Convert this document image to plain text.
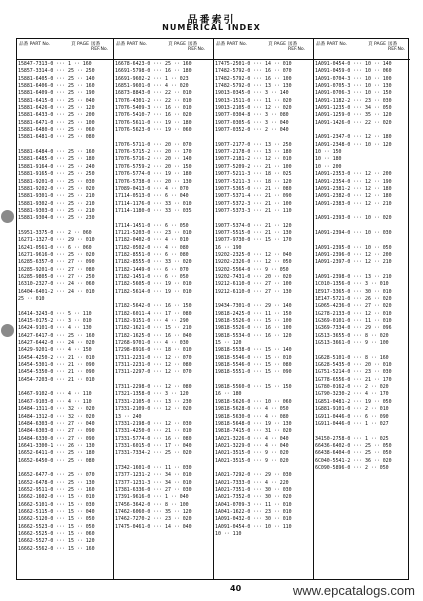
品番索引
NUMERICAL INDEX
品番 PART No.	頁 PAGE 図番 REF.No.
15847-7313-0 ··· 1 ·· 160
15857-3314-0 ··· 25 ·· 250
15881-6405-0 ··· 25 ·· 140
15881-6406-0 ··· 25 ·· 160
15881-6409-0 ··· 25 ·· 190
15881-6415-0 ··· 25 ·· 040
15881-6426-0 ··· 25 ·· 120
15881-6433-0 ··· 25 ·· 200
15881-6471-0 ··· 25 ·· 100
15881-6480-0 ··· 25 ·· 060
15881-6481-0 ··· 25 ·· 080
15881-6484-0 ··· 25 ·· 160
15881-6485-0 ··· 25 ·· 180
15881-9164-0 ··· 25 ·· 240
15881-9165-0 ··· 25 ·· 250
15881-9201-0 ··· 25 ·· 030
15881-9202-0 ··· 25 ·· 020
15881-9301-0 ··· 25 ·· 210
15881-9302-0 ··· 25 ·· 210
15881-9303-0 ··· 25 ·· 210
15881-9304-0 ··· 25 ·· 230
15951-3375-0 ··· 2 ·· 060
16271-1327-0 ··· 29 ·· 010
16241-0561-0 ··· 6 ·· 060
16271-9616-0 ··· 25 ·· 020
16285-6357-0 ··· 27 ·· 090
16285-9201-0 ··· 27 ·· 080
16285-9805-0 ··· 27 ·· 250
16310-2327-0 ··· 24 ·· 060
16404-6401-2 ··· 24 ·· 010
25 ·· 010
16414-3243-0 ··· 5 ·· 110
16415-0175-2 ··· 3 ·· 010
16424-9101-0 ··· 4 ·· 130
16427-6417-0 ··· 25 ·· 160
16427-6442-0 ··· 24 ·· 020
16429-9201-0 ··· 4 ·· 150
16454-4250-2 ··· 21 ·· 010
16454-5301-0 ··· 21 ·· 090
16454-5350-0 ··· 21 ·· 090
16454-7203-0 ··· 21 ·· 010
16467-9102-0 ··· 4 ·· 110
16467-9103-0 ··· 4 ·· 110
16484-1311-0 ··· 32 ·· 020
16484-1312-0 ··· 32 ·· 020
16484-6303-0 ··· 27 ·· 040
16484-6303-0 ··· 27 ·· 090
16484-6330-0 ··· 27 ·· 090
16641-3300-1 ··· 26 ·· 130
16652-6411-0 ··· 25 ·· 180
16652-6450-0 ··· 25 ·· 080
16652-6477-0 ··· 25 ·· 070
16652-6478-0 ··· 25 ·· 130
16652-9511-0 ··· 25 ·· 160
16662-1602-0 ··· 15 ·· 010
16662-5101-0 ··· 15 ·· 030
16662-5115-0 ··· 15 ·· 040
16662-5120-0 ··· 15 ·· 050
16662-5523-0 ··· 15 ·· 050
16662-5525-0 ··· 15 ·· 060
16662-5527-0 ··· 15 ·· 120
16662-5562-0 ··· 15 ·· 160
品番 PART No.	頁 PAGE 図番 REF.No.
16678-6423-0 ··· 25 ·· 160
16691-5798-0 ··· 16 ·· 180
16691-9602-2 ··· 1 ·· 023
16851-9601-0 ··· 4 ·· 020
16873-8843-0 ··· 22 ·· 010
17076-4301-2 ··· 22 ·· 010
17076-5409-3 ··· 16 ·· 010
17076-5410-7 ··· 16 ·· 020
17076-5611-0 ··· 19 ·· 180
17076-5623-0 ··· 19 ·· 060
17076-5711-0 ··· 20 ·· 070
17076-5715-2 ··· 20 ·· 170
17076-5716-2 ··· 20 ·· 140
17076-5759-2 ··· 20 ·· 150
17076-5774-0 ··· 19 ·· 180
17076-5738-0 ··· 20 ·· 130
17089-0413-0 ··· 4 ·· 070
17114-0513-0 ··· 6 ·· 040
17114-1176-0 ··· 33 ·· 010
17114-1180-0 ··· 33 ·· 035
17114-1451-0 ··· 6 ·· 050
17121-5203-0 ··· 23 ·· 010
17182-0402-0 ··· 4 ·· 010
17182-0502-0 ··· 4 ·· 080
17182-8551-0 ··· 6 ·· 080
17182-8555-0 ··· 33 ·· 020
17182-1449-0 ··· 6 ·· 070
17182-1451-0 ··· 6 ·· 050
17182-5605-0 ··· 19 ·· 010
17182-5614-0 ··· 19 ·· 010
17182-5642-0 ··· 16 ·· 150
17182-6011-4 ··· 17 ·· 080
17182-9151-0 ··· 4 ·· 290
17182-1621-0 ··· 15 ·· 210
17182-1625-0 ··· 16 ·· 040
17268-9701-0 ··· 4 ·· 030
17298-8916-0 ··· 18 ·· 010
17311-2231-0 ··· 12 ·· 070
17311-2231-0 ··· 12 ·· 080
17311-2297-0 ··· 12 ·· 070
17311-2298-0 ··· 12 ·· 080
17321-1358-0 ··· 3 ·· 120
17331-2105-0 ··· 13 ·· 230
17331-2109-0 ··· 12 ·· 020
13 ·· 240
17331-2198-0 ··· 12 ·· 030
17331-4250-0 ··· 21 ·· 010
17331-5774-0 ··· 16 ·· 080
17331-6015-0 ··· 17 ·· 040
17331-7334-2 ··· 25 ·· 020
17342-1601-0 ··· 11 ·· 030
17377-1231-2 ··· 34 ·· 010
17377-1231-3 ··· 34 ·· 010
17381-6336-0 ··· 27 ·· 030
17391-9616-0 ··· 1 ·· 040
17456-3642-0 ··· 8 ·· 100
17462-6060-0 ··· 35 ·· 120
17462-7270-2 ··· 23 ·· 020
17475-0461-0 ··· 14 ·· 040
品番 PART No.	頁 PAGE 図番 REF.No.
17475-2501-0 ··· 14 ·· 010
17482-5792-0 ··· 16 ·· 070
17482-5792-0 ··· 16 ·· 100
17482-5792-0 ··· 13 ·· 130
19013-0345-0 ··· 3 ·· 140
19013-1511-0 ··· 11 ·· 020
19013-2105-0 ··· 12 ·· 020
19077-0304-8 ··· 3 ·· 080
19077-0305-6 ··· 3 ·· 040
19077-0352-0 ··· 2 ·· 040
19077-2177-0 ··· 13 ·· 250
19077-2178-0 ··· 13 ·· 180
19077-2181-2 ··· 12 ·· 010
19077-5209-2 ··· 21 ·· 100
19077-5211-3 ··· 18 ·· 025
19077-5211-3 ··· 18 ·· 120
19077-5365-0 ··· 21 ·· 080
19077-5371-4 ··· 21 ·· 090
19077-5372-3 ··· 21 ·· 100
19077-5373-3 ··· 21 ·· 110
19077-5374-0 ··· 21 ·· 120
19077-5515-0 ··· 21 ·· 130
19077-9730-0 ··· 15 ·· 170
16 ·· 190
19202-2325-0 ··· 12 ·· 040
19202-2326-0 ··· 12 ·· 050
19202-5564-0 ··· 9 ·· 050
19202-7431-0 ··· 20 ·· 020
19212-6110-0 ··· 27 ·· 100
19212-6110-0 ··· 27 ·· 130
19434-7301-0 ··· 29 ·· 140
19818-2425-0 ··· 11 ·· 150
19818-5526-0 ··· 15 ·· 100
19818-5526-0 ··· 16 ·· 100
19818-5534-0 ··· 16 ·· 120
15 ·· 120
19818-5538-0 ··· 15 ·· 140
19818-5546-0 ··· 15 ·· 010
19818-5546-0 ··· 15 ·· 080
19818-5551-0 ··· 15 ·· 090
19818-5560-0 ··· 15 ·· 150
16 ·· 180
19818-5626-0 ··· 10 ·· 060
19818-5628-0 ··· 4 ·· 050
19818-5630-0 ··· 4 ·· 080
19818-5648-0 ··· 19 ·· 130
19818-7415-0 ··· 31 ·· 020
1A021-3226-0 ··· 4 ·· 040
1A021-3229-0 ··· 4 ·· 040
1A021-3515-0 ··· 9 ·· 020
1A021-3515-0 ··· 9 ·· 020
1A021-7292-0 ··· 29 ·· 030
1A021-7333-0 ··· 4 ·· 220
1A021-7351-0 ··· 30 ·· 030
1A021-7352-0 ··· 30 ·· 020
1A041-0709-3 ··· 11 ·· 010
1A041-1622-0 ··· 23 ·· 010
1A091-0432-0 ··· 30 ·· 010
1A091-0454-0 ··· 10 ·· 110
10 ·· 110
品番 PART No.	頁 PAGE 図番 REF.No.
1A091-0454-0 ··· 10 ·· 140
1A091-0459-0 ··· 10 ·· 060
1A091-0704-3 ··· 10 ·· 100
1A091-0705-3 ··· 10 ·· 130
1A091-0706-3 ··· 10 ·· 150
1A091-1182-2 ··· 23 ·· 030
1A091-1235-0 ··· 34 ·· 050
1A091-1259-0 ··· 35 ·· 120
1A091-1426-0 ··· 22 ·· 020
1A091-2347-0 ··· 12 ·· 180
1A091-2348-0 ··· 10 ·· 120
10 ·· 150
10 ·· 180
10 ·· 200
1A091-2353-0 ··· 12 ·· 200
1A091-2354-0 ··· 12 ·· 190
1A091-2381-2 ··· 12 ·· 180
1A091-2382-0 ··· 12 ·· 180
1A091-2383-0 ··· 12 ·· 210
1A091-2393-0 ··· 10 ·· 020
1A091-2394-0 ··· 10 ·· 030
1A091-2395-0 ··· 10 ·· 050
1A091-2396-0 ··· 12 ·· 200
1A091-2397-0 ··· 12 ·· 210
1A091-2398-0 ··· 13 ·· 210
1C010-1356-0 ··· 3 ·· 010
1E917-3365-0 ··· 30 ·· 010
1E147-5721-0 ··· 26 ·· 020
1G065-4236-0 ··· 27 ·· 020
1G278-2133-0 ··· 12 ·· 010
1G369-0101-0 ··· 11 ·· 010
1G369-7334-0 ··· 29 ·· 096
1G513-3655-0 ··· 8 ·· 020
1G513-3661-0 ··· 9 ·· 100
1G628-5101-0 ··· 8 ·· 160
1G628-5435-0 ··· 20 ·· 010
1G751-5214-0 ··· 23 ·· 030
1G778-6556-0 ··· 21 ·· 170
1G780-0162-0 ··· 2 ·· 020
1G790-3230-2 ··· 4 ·· 170
1G851-0481-2 ··· 19 ·· 050
1G881-9101-0 ··· 2 ·· 010
1G911-0446-0 ··· 6 ·· 090
1G911-0446-0 ··· 1 ·· 027
34150-2758-0 ··· 1 ·· 025
66436-6402-0 ··· 25 ·· 050
66438-6404-0 ··· 25 ·· 050
6C040-5541-2 ··· 36 ·· 020
6C090-5896-0 ··· 2 ·· 050
40	www.epcatalogs.com
